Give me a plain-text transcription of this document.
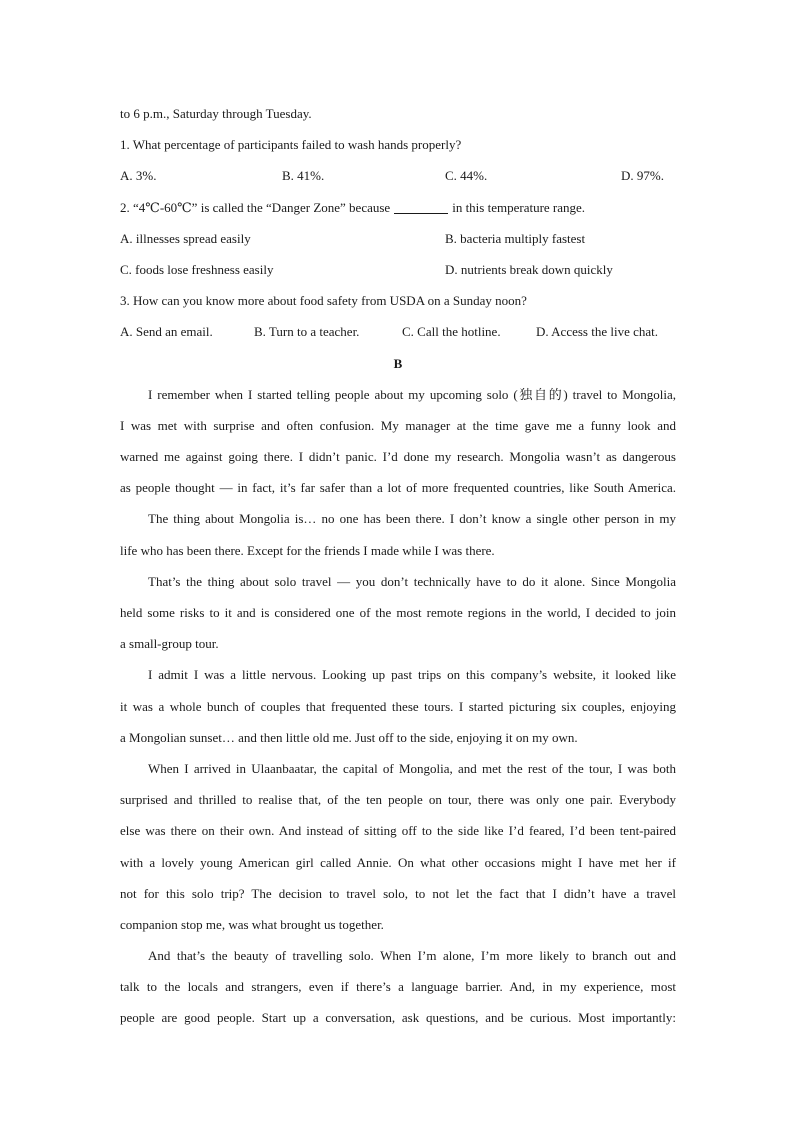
to 6 p.m., Saturday through Tuesday.
1. What percentage of participants failed to wash hands properly?
A. 3%.	B. 41%.	C. 44%.	D. 97%.
2. “4℃-60℃” is called the “Danger Zone” because	in this temperature range.
A. illnesses spread easily	B. bacteria multiply fastest
C. foods lose freshness easily	D. nutrients break down quickly
3. How can you know more about food safety from USDA on a Sunday noon?
A. Send an email.	B. Turn to a teacher.	C. Call the hotline.	D. Access the live chat.
B
I remember when I started telling people about my upcoming solo (独自的) travel to Mongolia,
I was met with surprise and often confusion. My manager at the time gave me a funny look and
warned me against going there. I didn’t panic. I’d done my research. Mongolia wasn’t as dangerous
as people thought — in fact, it’s far safer than a lot of more frequented countries, like South America.
The thing about Mongolia is… no one has been there. I don’t know a single other person in my
life who has been there. Except for the friends I made while I was there.
That’s the thing about solo travel — you don’t technically have to do it alone. Since Mongolia
held some risks to it and is considered one of the most remote regions in the world, I decided to join
a small-group tour.
I admit I was a little nervous. Looking up past trips on this company’s website, it looked like
it was a whole bunch of couples that frequented these tours. I started picturing six couples, enjoying
a Mongolian sunset… and then little old me. Just off to the side, enjoying it on my own.
When I arrived in Ulaanbaatar, the capital of Mongolia, and met the rest of the tour, I was both
surprised and thrilled to realise that, of the ten people on tour, there was only one pair. Everybody
else was there on their own. And instead of sitting off to the side like I’d feared, I’d been tent-paired
with a lovely young American girl called Annie. On what other occasions might I have met her if
not for this solo trip? The decision to travel solo, to not let the fact that I didn’t have a travel
companion stop me, was what brought us together.
And that’s the beauty of travelling solo. When I’m alone, I’m more likely to branch out and
talk to the locals and strangers, even if there’s a language barrier. And, in my experience, most
people are good people. Start up a conversation, ask questions, and be curious. Most importantly:
